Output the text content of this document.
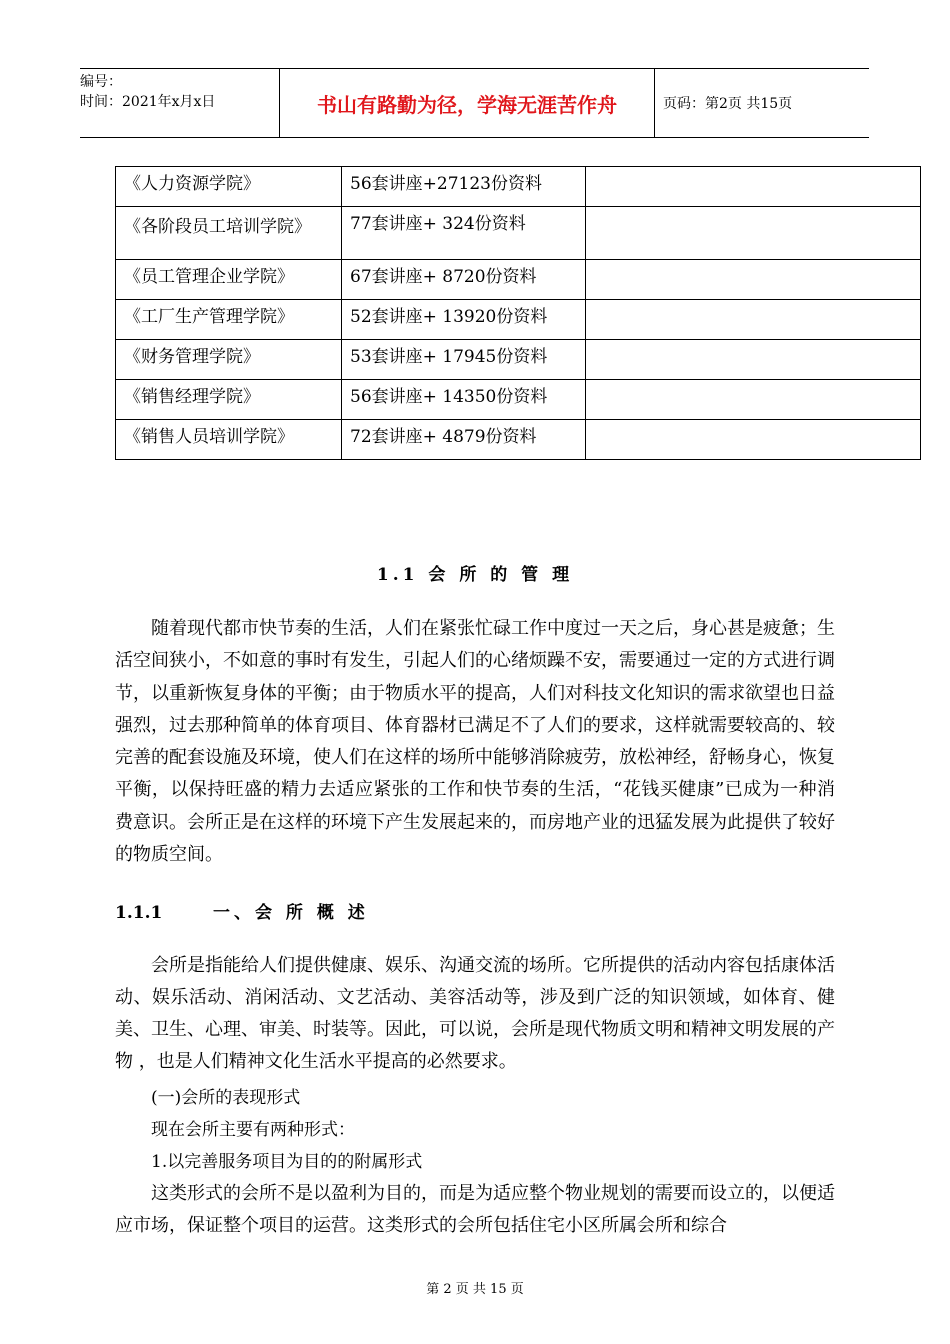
编号：
时间：2021年x月x日	书山有路勤为径，学海无涯苦作舟	页码：第2页 共15页
《人力资源学院》	56套讲座+27123份资料	
《各阶段员工培训学院》	77套讲座+ 324份资料	
《员工管理企业学院》	67套讲座+ 8720份资料	
《工厂生产管理学院》	52套讲座+ 13920份资料	
《财务管理学院》	53套讲座+ 17945份资料	
《销售经理学院》	56套讲座+ 14350份资料	
《销售人员培训学院》	72套讲座+ 4879份资料	
1.1 会 所 的 管 理
随着现代都市快节奏的生活，人们在紧张忙碌工作中度过一天之后，身心甚是疲惫；生 活空间狭小，不如意的事时有发生，引起人们的心绪烦躁不安，需要通过一定的方式进行调节，以重新恢复身体的平衡；由于物质水平的提高，人们对科技文化知识的需求欲望也日益 强烈，过去那种简单的体育项目、体育器材已满足不了人们的要求，这样就需要较高的、较完善的配套设施及环境，使人们在这样的场所中能够消除疲劳，放松神经，舒畅身心，恢复 平衡，以保持旺盛的精力去适应紧张的工作和快节奏的生活，“花钱买健康”已成为一种消费意识。会所正是在这样的环境下产生发展起来的，而房地产业的迅猛发展为此提供了较好 的物质空间。
1.1.1	一、会 所 概 述
会所是指能给人们提供健康、娱乐、沟通交流的场所。它所提供的活动内容包括康体活 动、娱乐活动、消闲活动、文艺活动、美容活动等，涉及到广泛的知识领域，如体育、健美、卫生、心理、审美、时装等。因此，可以说，会所是现代物质文明和精神文明发展的产物 ，也是人们精神文化生活水平提高的必然要求。
(一)会所的表现形式
现在会所主要有两种形式：
1.以完善服务项目为目的的附属形式
这类形式的会所不是以盈利为目的，而是为适应整个物业规划的需要而设立的，以便适 应市场，保证整个项目的运营。这类形式的会所包括住宅小区所属会所和综合
第 2 页 共 15 页
